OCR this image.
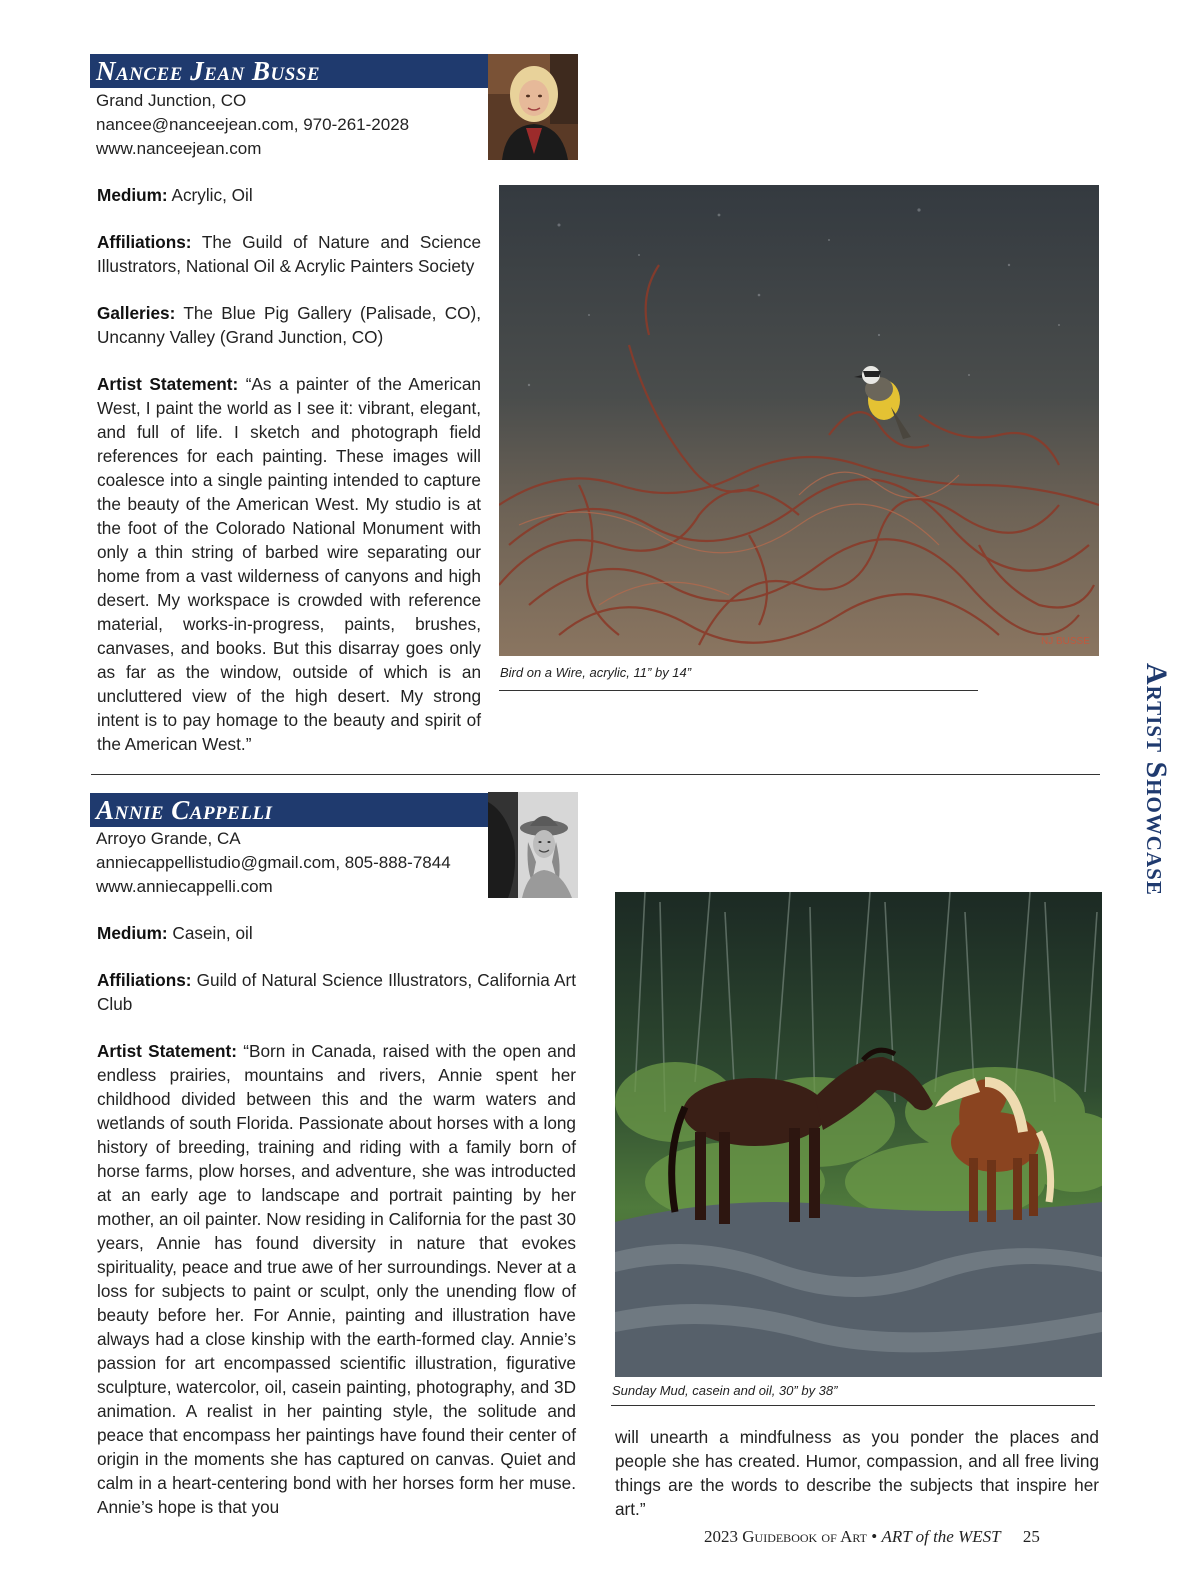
Nancee Jean Busse
Grand Junction, CO
nancee@nanceejean.com, 970-261-2028
www.nanceejean.com

Medium: Acrylic, Oil

Affiliations: The Guild of Nature and Science Illustrators, National Oil & Acrylic Painters Society

Galleries: The Blue Pig Gallery (Palisade, CO), Uncanny Valley (Grand Junction, CO)

Artist Statement: “As a painter of the American West, I paint the world as I see it: vibrant, elegant, and full of life. I sketch and photograph field references for each painting. These images will coalesce into a single painting intended to capture the beauty of the American West. My studio is at the foot of the Colorado National Monument with only a thin string of barbed wire separating our home from a vast wilderness of canyons and high desert. My workspace is crowded with reference material, works-in-progress, paints, brushes, canvases, and books. But this disarray goes only as far as the window, outside of which is an uncluttered view of the high desert. My strong intent is to pay homage to the beauty and spirit of the American West.”

NJ BUSSE
Bird on a Wire, acrylic, 11” by 14”
Annie Cappelli
Arroyo Grande, CA
anniecappellistudio@gmail.com, 805-888-7844
www.anniecappelli.com

Medium: Casein, oil

Affiliations: Guild of Natural Science Illustrators, California Art Club

Artist Statement: “Born in Canada, raised with the open and endless prairies, mountains and rivers, Annie spent her childhood divided between this and the warm waters and wetlands of south Florida. Passionate about horses with a long history of breeding, training and riding with a family born of horse farms, plow horses, and adventure, she was introducted at an early age to landscape and portrait painting by her mother, an oil painter. Now residing in California for the past 30 years, Annie has found diversity in nature that evokes spirituality, peace and true awe of her surroundings. Never at a loss for subjects to paint or sculpt, only the unending flow of beauty before her. For Annie, painting and illustration have always had a close kinship with the earth-formed clay. Annie’s passion for art encompassed scientific illustration, figurative sculpture, watercolor, oil, casein painting, photography, and 3D animation. A realist in her painting style, the solitude and peace that encompass her paintings have found their center of origin in the moments she has captured on canvas. Quiet and calm in a heart-centering bond with her horses form her muse. Annie’s hope is that you

Sunday Mud, casein and oil, 30” by 38”

will unearth a mindfulness as you ponder the places and people she has created. Humor, compassion, and all free living things are the words to describe the subjects that inspire her art.”

Artist Showcase
2023 Guidebook of Art • ART of the WEST 25
